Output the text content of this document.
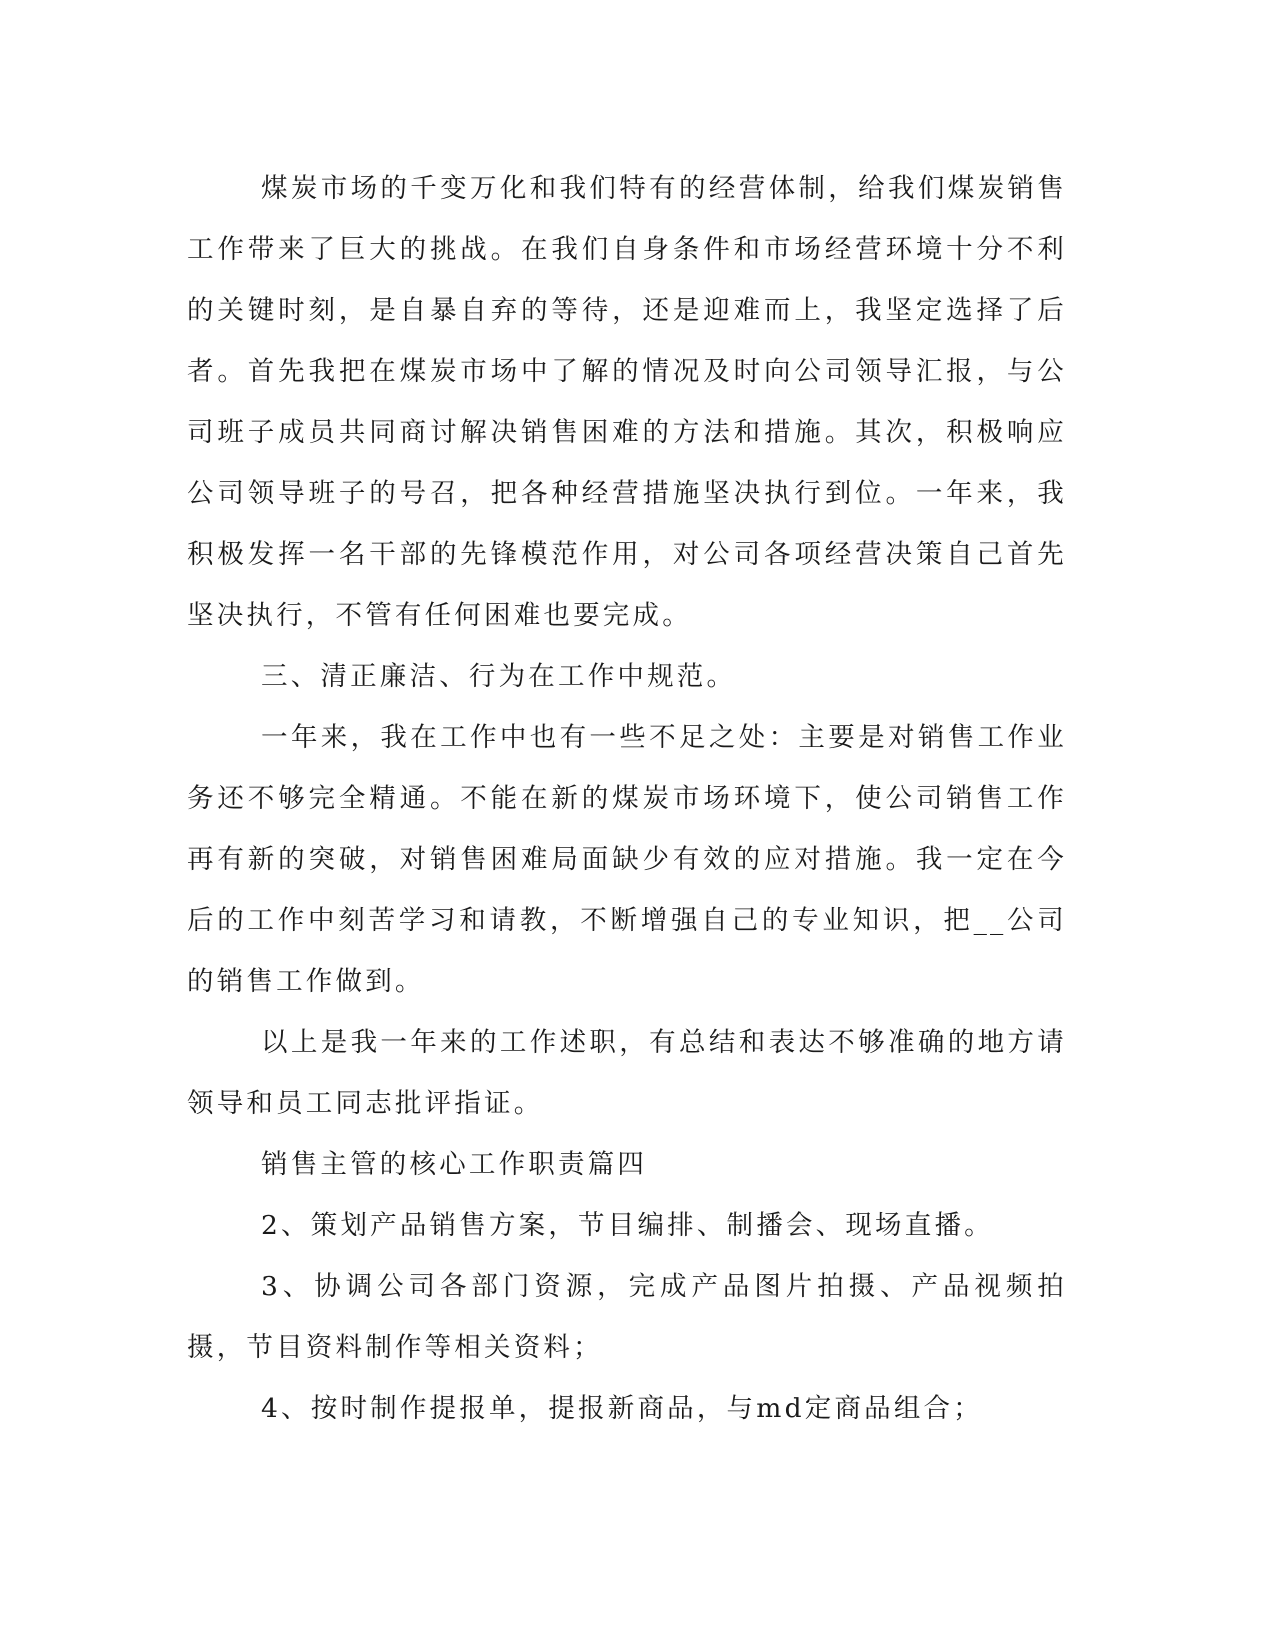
煤炭市场的千变万化和我们特有的经营体制，给我们煤炭销售工作带来了巨大的挑战。在我们自身条件和市场经营环境十分不利的关键时刻，是自暴自弃的等待，还是迎难而上，我坚定选择了后者。首先我把在煤炭市场中了解的情况及时向公司领导汇报，与公司班子成员共同商讨解决销售困难的方法和措施。其次，积极响应公司领导班子的号召，把各种经营措施坚决执行到位。一年来，我积极发挥一名干部的先锋模范作用，对公司各项经营决策自己首先坚决执行，不管有任何困难也要完成。

三、清正廉洁、行为在工作中规范。

一年来，我在工作中也有一些不足之处：主要是对销售工作业务还不够完全精通。不能在新的煤炭市场环境下，使公司销售工作再有新的突破，对销售困难局面缺少有效的应对措施。我一定在今后的工作中刻苦学习和请教，不断增强自己的专业知识，把__公司的销售工作做到。

以上是我一年来的工作述职，有总结和表达不够准确的地方请领导和员工同志批评指证。

销售主管的核心工作职责篇四

2、策划产品销售方案，节目编排、制播会、现场直播。

3、协调公司各部门资源，完成产品图片拍摄、产品视频拍摄，节目资料制作等相关资料；

4、按时制作提报单，提报新商品，与md定商品组合；
